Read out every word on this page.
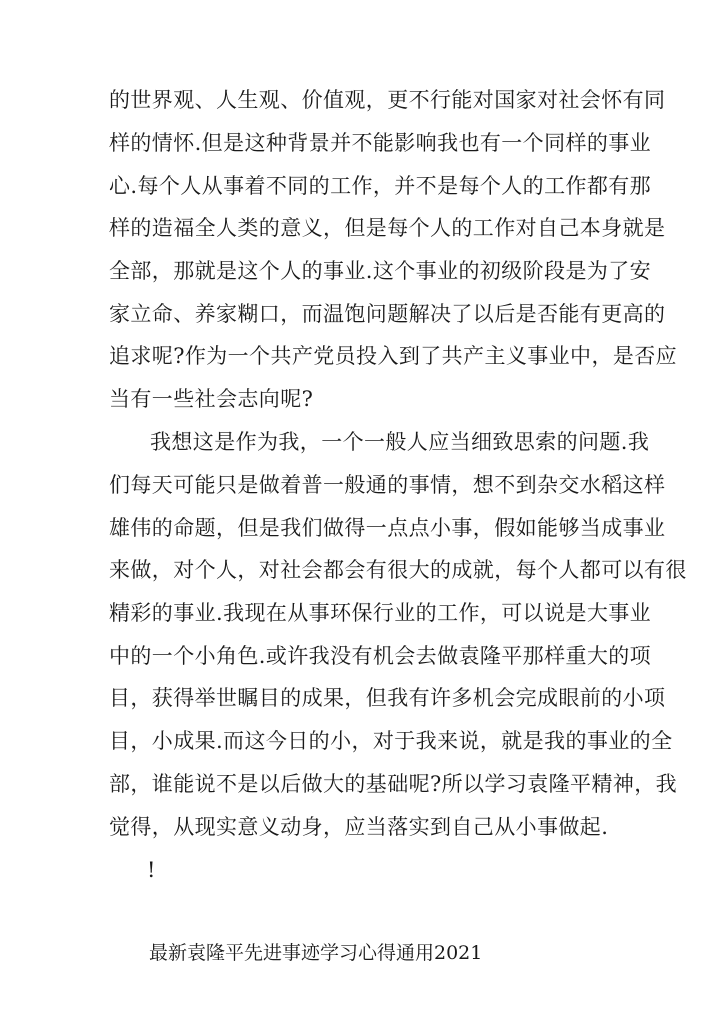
的世界观、人生观、价值观，更不行能对国家对社会怀有同
样的情怀.但是这种背景并不能影响我也有一个同样的事业
心.每个人从事着不同的工作，并不是每个人的工作都有那
样的造福全人类的意义，但是每个人的工作对自己本身就是
全部，那就是这个人的事业.这个事业的初级阶段是为了安
家立命、养家糊口，而温饱问题解决了以后是否能有更高的
追求呢?作为一个共产党员投入到了共产主义事业中，是否应
当有一些社会志向呢?
我想这是作为我，一个一般人应当细致思索的问题.我
们每天可能只是做着普一般通的事情，想不到杂交水稻这样
雄伟的命题，但是我们做得一点点小事，假如能够当成事业
来做，对个人，对社会都会有很大的成就，每个人都可以有很
精彩的事业.我现在从事环保行业的工作，可以说是大事业
中的一个小角色.或许我没有机会去做袁隆平那样重大的项
目，获得举世瞩目的成果，但我有许多机会完成眼前的小项
目，小成果.而这今日的小，对于我来说，就是我的事业的全
部，谁能说不是以后做大的基础呢?所以学习袁隆平精神，我
觉得，从现实意义动身，应当落实到自己从小事做起.
!
最新袁隆平先进事迹学习心得通用2021
